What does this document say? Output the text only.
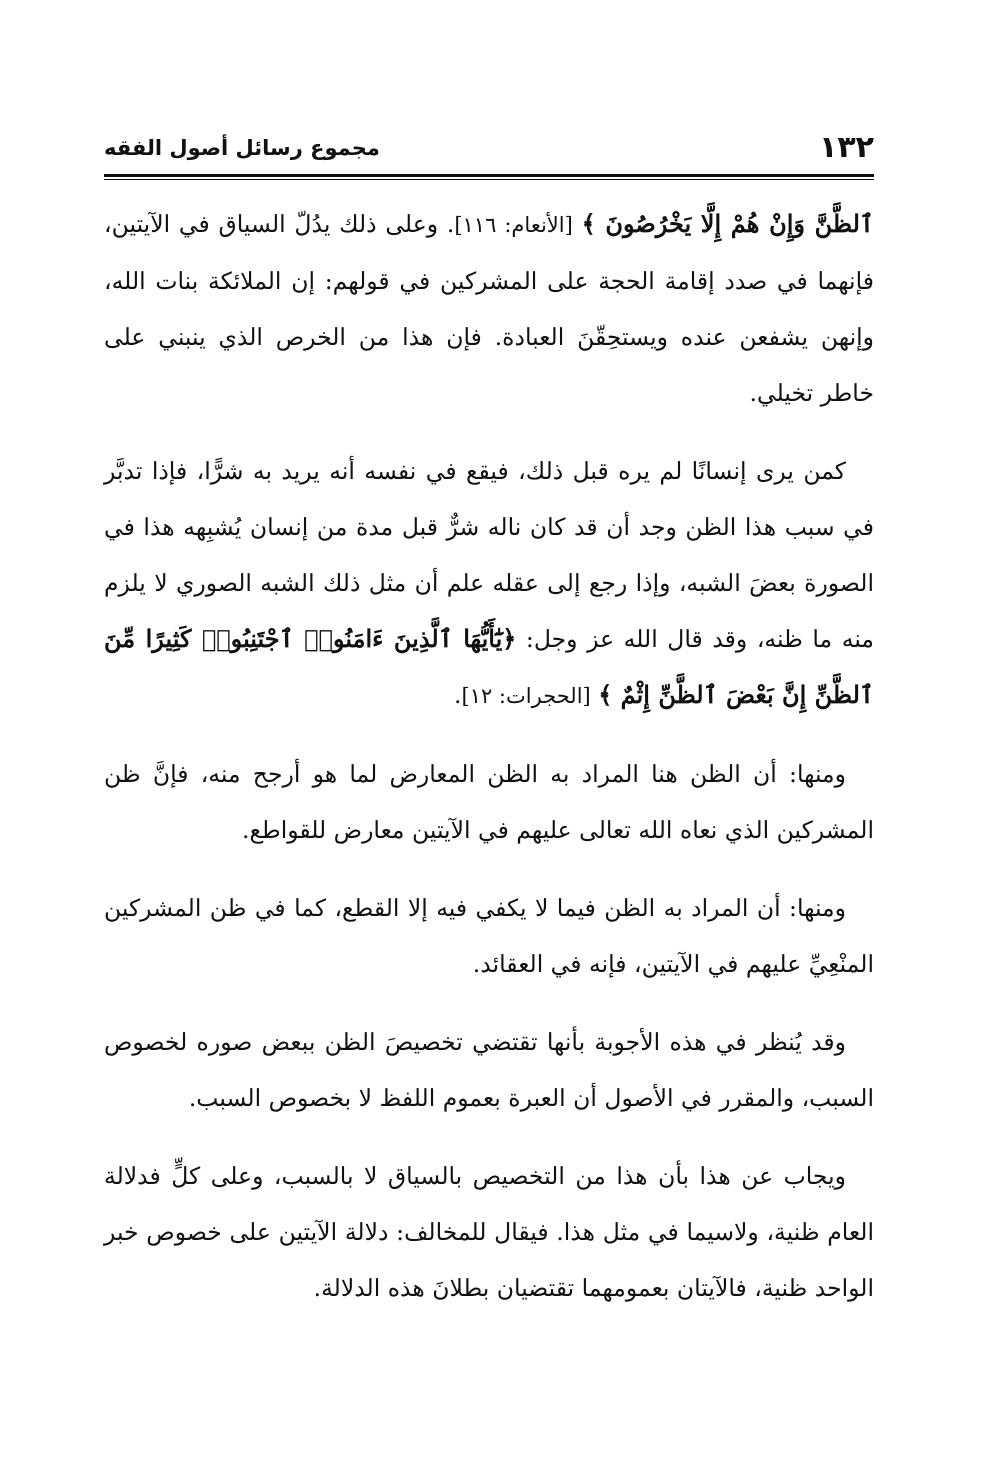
١٣٢
مجموع رسائل أصول الفقه

ٱلظَّنَّ وَإِنْ هُمْ إِلَّا يَخْرُصُونَ ﴾ [الأنعام: ١١٦]. وعلى ذلك يدُلّ السياق في الآيتين، فإنهما في صدد إقامة الحجة على المشركين في قولهم: إن الملائكة بنات الله، وإنهن يشفعن عنده ويستحِقّنَ العبادة. فإن هذا من الخرص الذي ينبني على خاطر تخيلي.

كمن يرى إنسانًا لم يره قبل ذلك، فيقع في نفسه أنه يريد به شرًّا، فإذا تدبَّر في سبب هذا الظن وجد أن قد كان ناله شرٌّ قبل مدة من إنسان يُشبِهه هذا في الصورة بعضَ الشبه، وإذا رجع إلى عقله علم أن مثل ذلك الشبه الصوري لا يلزم منه ما ظنه، وقد قال الله عز وجل: ﴿يَٰٓأَيُّهَا ٱلَّذِينَ ءَامَنُوا۟ ٱجْتَنِبُوا۟ كَثِيرًا مِّنَ ٱلظَّنِّ إِنَّ بَعْضَ ٱلظَّنِّ إِثْمٌ ﴾ [الحجرات: ١٢].

ومنها: أن الظن هنا المراد به الظن المعارض لما هو أرجح منه، فإنَّ ظن المشركين الذي نعاه الله تعالى عليهم في الآيتين معارض للقواطع.

ومنها: أن المراد به الظن فيما لا يكفي فيه إلا القطع، كما في ظن المشركين المنْعِيِّ عليهم في الآيتين، فإنه في العقائد.

وقد يُنظر في هذه الأجوبة بأنها تقتضي تخصيصَ الظن ببعض صوره لخصوص السبب، والمقرر في الأصول أن العبرة بعموم اللفظ لا بخصوص السبب.

ويجاب عن هذا بأن هذا من التخصيص بالسياق لا بالسبب، وعلى كلٍّ فدلالة العام ظنية، ولاسيما في مثل هذا. فيقال للمخالف: دلالة الآيتين على خصوص خبر الواحد ظنية، فالآيتان بعمومهما تقتضيان بطلانَ هذه الدلالة.
